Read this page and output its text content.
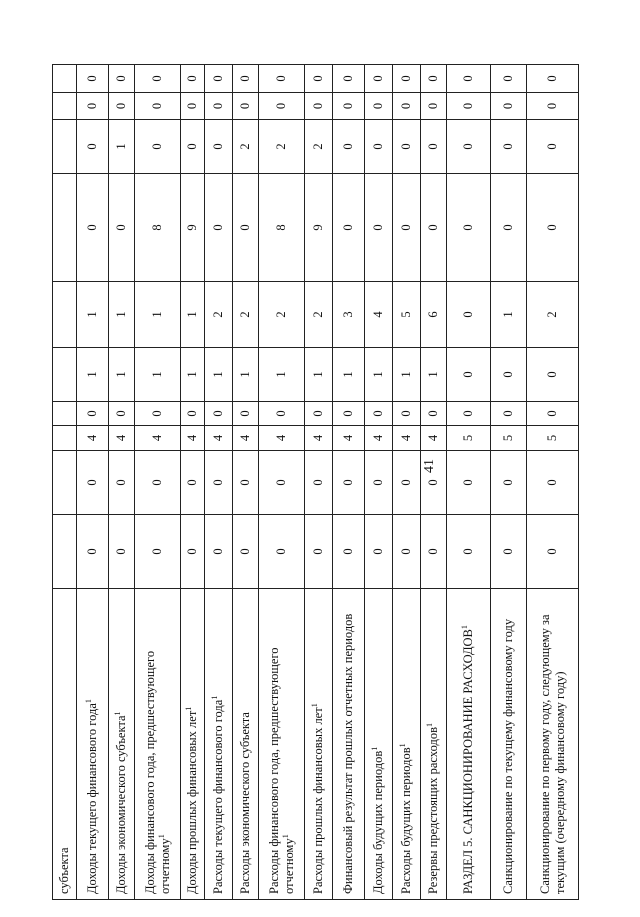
41
субъекта										
Доходы текущего финансового года$^1$	0	0	4	0	1	1	0	0	0	0
Доходы экономического субъекта$^1$	0	0	4	0	1	1	0	1	0	0
Доходы финансового года, предшествующего отчетному$^1$	0	0	4	0	1	1	8	0	0	0
Доходы прошлых финансовых лет$^1$	0	0	4	0	1	1	9	0	0	0
Расходы текущего финансового года$^1$	0	0	4	0	1	2	0	0	0	0
Расходы экономического субъекта	0	0	4	0	1	2	0	2	0	0
Расходы финансового года, предшествующего отчетному$^1$	0	0	4	0	1	2	8	2	0	0
Расходы прошлых финансовых лет$^1$	0	0	4	0	1	2	9	2	0	0
Финансовый результат прошлых отчетных периодов	0	0	4	0	1	3	0	0	0	0
Доходы будущих периодов$^1$	0	0	4	0	1	4	0	0	0	0
Расходы будущих периодов$^1$	0	0	4	0	1	5	0	0	0	0
Резервы предстоящих расходов$^1$	0	0	4	0	1	6	0	0	0	0
РАЗДЕЛ 5. САНКЦИОНИРОВАНИЕ РАСХОДОВ$^1$	0	0	5	0	0	0	0	0	0	0
Санкционирование по текущему финансовому году	0	0	5	0	0	1	0	0	0	0
Санкционирование по первому году, следующему за текущим (очередному финансовому году)	0	0	5	0	0	2	0	0	0	0
